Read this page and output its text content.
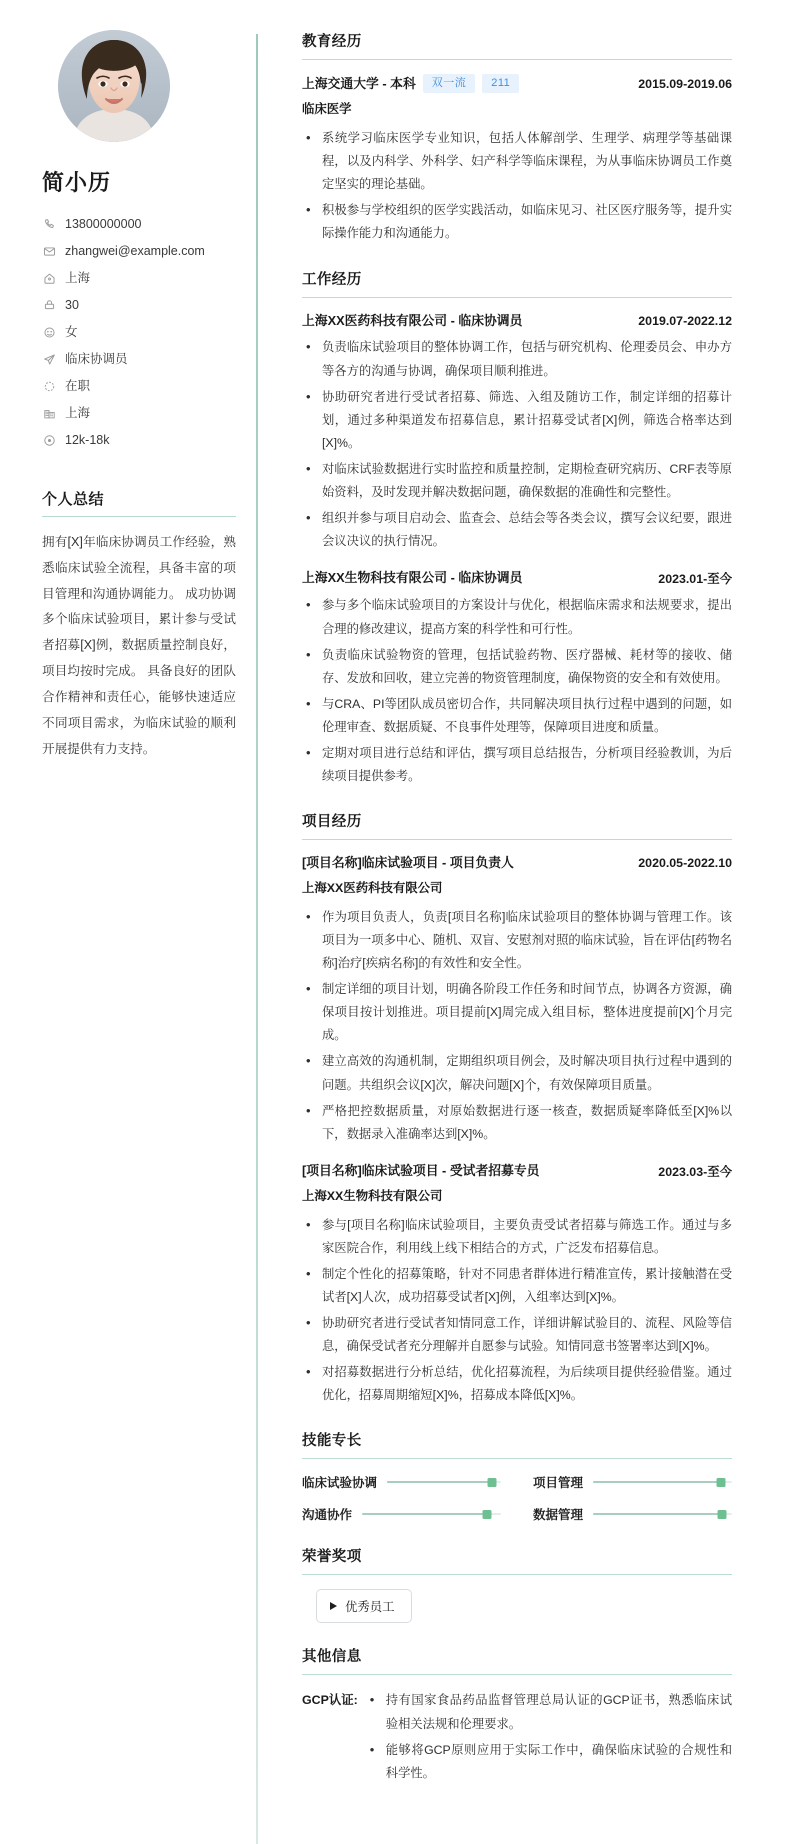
简小历
13800000000
zhangwei@example.com
上海
30
女
临床协调员
在职
上海
12k-18k
个人总结

拥有[X]年临床协调员工作经验，熟悉临床试验全流程，具备丰富的项目管理和沟通协调能力。 成功协调多个临床试验项目，累计参与受试者招募[X]例，数据质量控制良好，项目均按时完成。 具备良好的团队合作精神和责任心，能够快速适应不同项目需求，为临床试验的顺利开展提供有力支持。

教育经历
上海交通大学 - 本科	双一流	211	2015.09-2019.06
临床医学
• 系统学习临床医学专业知识，包括人体解剖学、生理学、病理学等基础课程，以及内科学、外科学、妇产科学等临床课程，为从事临床协调员工作奠定坚实的理论基础。
• 积极参与学校组织的医学实践活动，如临床见习、社区医疗服务等，提升实际操作能力和沟通能力。
工作经历
上海XX医药科技有限公司 - 临床协调员	2019.07-2022.12
• 负责临床试验项目的整体协调工作，包括与研究机构、伦理委员会、申办方等各方的沟通与协调，确保项目顺利推进。
• 协助研究者进行受试者招募、筛选、入组及随访工作，制定详细的招募计划，通过多种渠道发布招募信息，累计招募受试者[X]例，筛选合格率达到[X]%。
• 对临床试验数据进行实时监控和质量控制，定期检查研究病历、CRF表等原始资料，及时发现并解决数据问题，确保数据的准确性和完整性。
• 组织并参与项目启动会、监查会、总结会等各类会议，撰写会议纪要，跟进会议决议的执行情况。
上海XX生物科技有限公司 - 临床协调员	2023.01-至今
• 参与多个临床试验项目的方案设计与优化，根据临床需求和法规要求，提出合理的修改建议，提高方案的科学性和可行性。
• 负责临床试验物资的管理，包括试验药物、医疗器械、耗材等的接收、储存、发放和回收，建立完善的物资管理制度，确保物资的安全和有效使用。
• 与CRA、PI等团队成员密切合作，共同解决项目执行过程中遇到的问题，如伦理审查、数据质疑、不良事件处理等，保障项目进度和质量。
• 定期对项目进行总结和评估，撰写项目总结报告，分析项目经验教训，为后续项目提供参考。
项目经历
[项目名称]临床试验项目 - 项目负责人	2020.05-2022.10
上海XX医药科技有限公司
• 作为项目负责人，负责[项目名称]临床试验项目的整体协调与管理工作。该项目为一项多中心、随机、双盲、安慰剂对照的临床试验，旨在评估[药物名称]治疗[疾病名称]的有效性和安全性。
• 制定详细的项目计划，明确各阶段工作任务和时间节点，协调各方资源，确保项目按计划推进。项目提前[X]周完成入组目标，整体进度提前[X]个月完成。
• 建立高效的沟通机制，定期组织项目例会，及时解决项目执行过程中遇到的问题。共组织会议[X]次，解决问题[X]个，有效保障项目质量。
• 严格把控数据质量，对原始数据进行逐一核查，数据质疑率降低至[X]%以下，数据录入准确率达到[X]%。
[项目名称]临床试验项目 - 受试者招募专员	2023.03-至今
上海XX生物科技有限公司
• 参与[项目名称]临床试验项目，主要负责受试者招募与筛选工作。通过与多家医院合作，利用线上线下相结合的方式，广泛发布招募信息。
• 制定个性化的招募策略，针对不同患者群体进行精准宣传，累计接触潜在受试者[X]人次，成功招募受试者[X]例，入组率达到[X]%。
• 协助研究者进行受试者知情同意工作，详细讲解试验目的、流程、风险等信息，确保受试者充分理解并自愿参与试验。知情同意书签署率达到[X]%。
• 对招募数据进行分析总结，优化招募流程，为后续项目提供经验借鉴。通过优化，招募周期缩短[X]%，招募成本降低[X]%。
技能专长
临床试验协调	项目管理
沟通协作	数据管理
荣誉奖项
优秀员工
其他信息
GCP认证:	• 持有国家食品药品监督管理总局认证的GCP证书，熟悉临床试验相关法规和伦理要求。
• 能够将GCP原则应用于实际工作中，确保临床试验的合规性和科学性。
